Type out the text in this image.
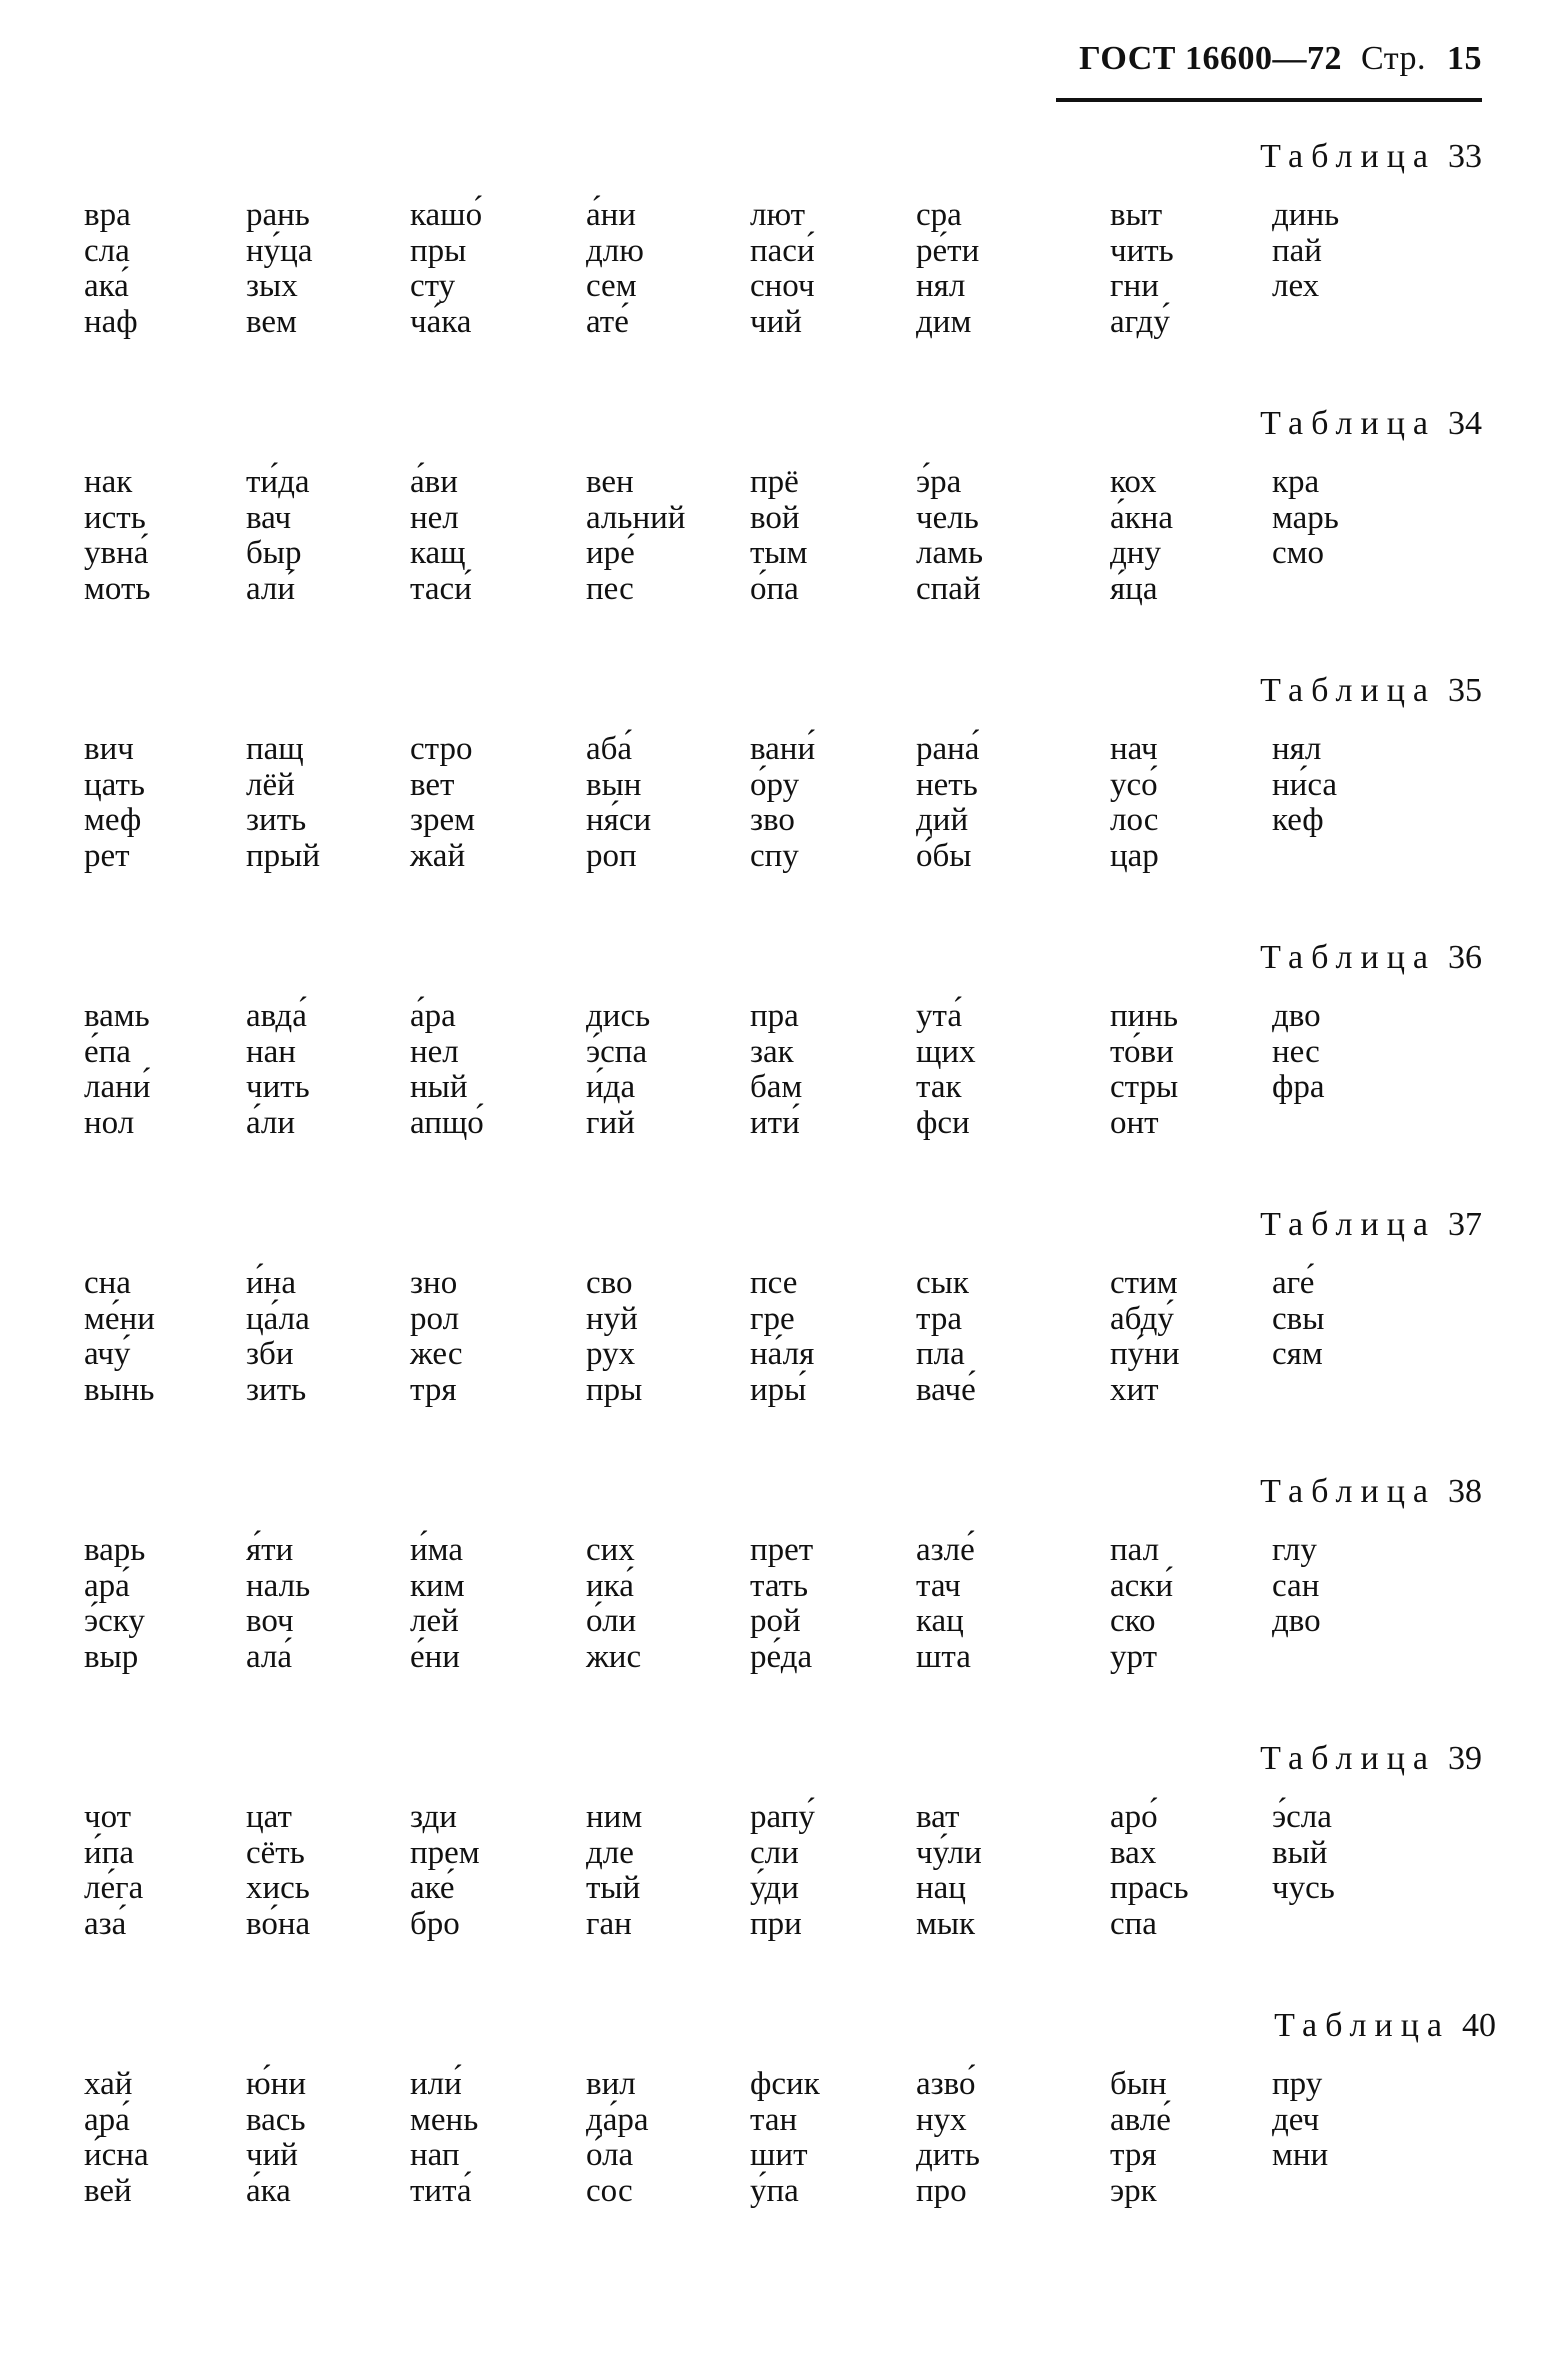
ГОСТ 16600—72 Стр. 15
Таблица 33
вра
сла
ака́
наф
рань
ну́ца
зых
вем
кашо́
пры
сту
ча́ка
а́ни
длю
сем
ате́
лют
паси́
сноч
чий
сра
ре́ти
нял
дим
выт
чить
гни
агду́
динь
пай
лех
Таблица 34
нак
исть
увна́
моть
ти́да
вач
быр
али́
а́ви
нел
кащ
таси́
вен
альний
ире́
пес
прё
вой
тым
о́па
э́ра
чель
ламь
спай
кох
а́кна
дну
я́ца
кра
марь
смо
Таблица 35
вич
цать
меф
рет
пащ
лёй
зить
прый
стро
вет
зрем
жай
аба́
вын
ня́си
роп
вани́
о́ру
зво
спу
рана́
неть
дий
о́бы
нач
усо́
лос
цар
нял
ни́са
кеф
Таблица 36
вамь
е́па
лани́
нол
авда́
нан
чить
а́ли
а́ра
нел
ный
апщо́
дись
э́спа
и́да
гий
пра
зак
бам
ити́
ута́
щих
так
фси
пинь
то́ви
стры
онт
дво
нес
фра
Таблица 37
сна
ме́ни
ачу́
вынь
и́на
ца́ла
зби
зить
зно
рол
жес
тря
сво
нуй
рух
пры
псе
гре
на́ля
иры́
сык
тра
пла
ваче́
стим
абду́
пу́ни
хит
аге́
свы
сям
Таблица 38
варь
ара́
э́ску
выр
я́ти
наль
воч
ала́
и́ма
ким
лей
е́ни
сих
ика́
о́ли
жис
прет
тать
рой
ре́да
азле́
тач
кац
шта
пал
аски́
ско
урт
глу
сан
дво
Таблица 39
чот
и́па
ле́га
аза́
цат
сёть
хись
во́на
зди
прем
аке́
бро
ним
дле
тый
ган
рапу́
сли
у́ди
при
ват
чу́ли
нац
мык
аро́
вах
прась
спа
э́сла
вый
чусь
Таблица 40
хай
ара́
и́сна
вей
ю́ни
вась
чий
а́ка
или́
мень
нап
тита́
вил
да́ра
о́ла
сос
фсик
тан
шит
у́па
азво́
нух
дить
про
бын
авле́
тря
эрк
пру
деч
мни
